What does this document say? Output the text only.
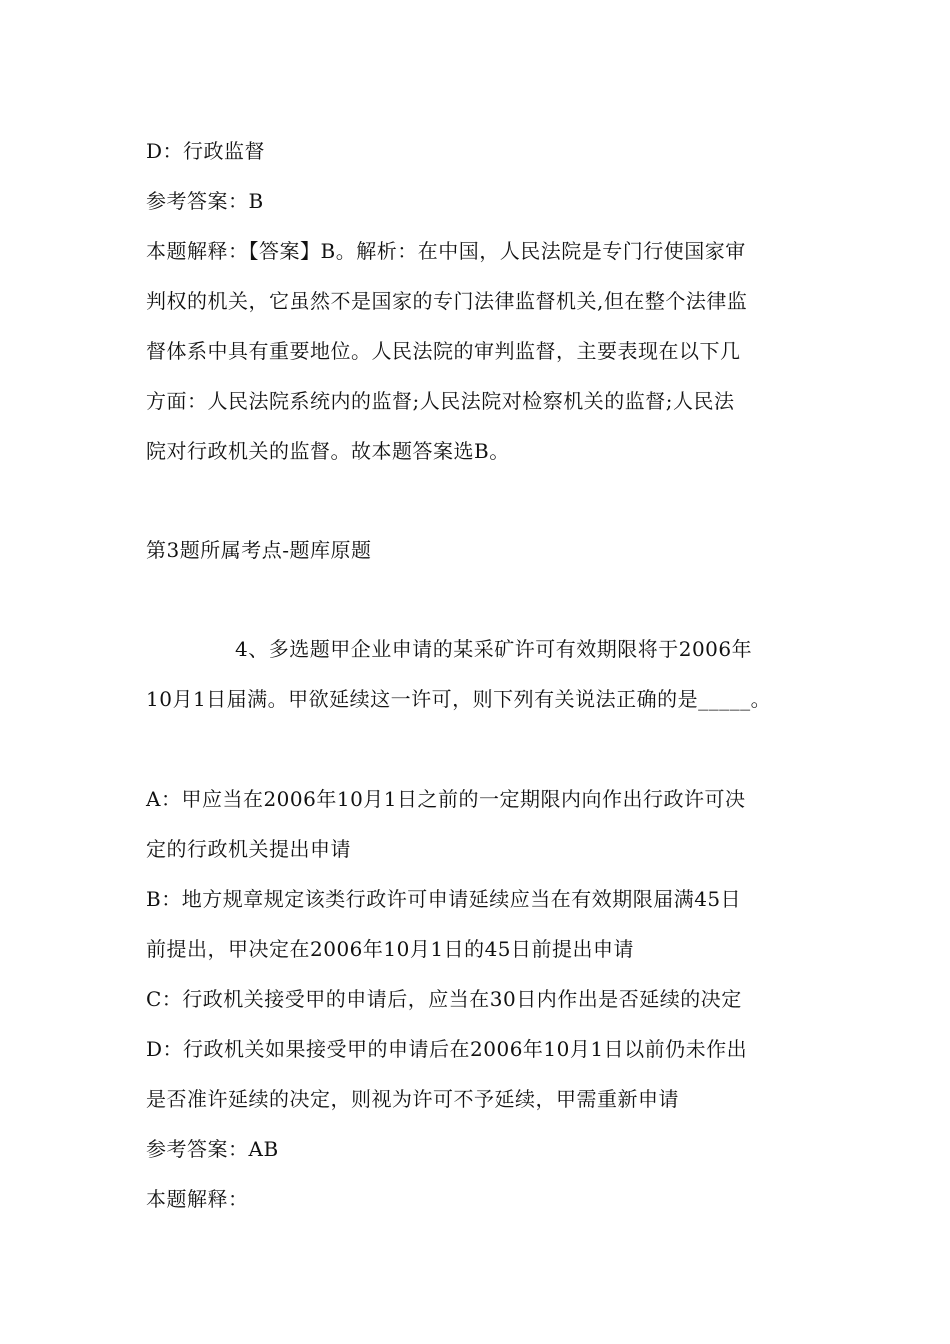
D：行政监督
参考答案：B
本题解释：【答案】B。解析：在中国，人民法院是专门行使国家审
判权的机关，它虽然不是国家的专门法律监督机关,但在整个法律监
督体系中具有重要地位。人民法院的审判监督，主要表现在以下几
方面：人民法院系统内的监督;人民法院对检察机关的监督;人民法
院对行政机关的监督。故本题答案选B。
第3题所属考点-题库原题
4、多选题甲企业申请的某采矿许可有效期限将于2006年
10月1日届满。甲欲延续这一许可，则下列有关说法正确的是_____。
A：甲应当在2006年10月1日之前的一定期限内向作出行政许可决
定的行政机关提出申请
B：地方规章规定该类行政许可申请延续应当在有效期限届满45日
前提出，甲决定在2006年10月1日的45日前提出申请
C：行政机关接受甲的申请后，应当在30日内作出是否延续的决定
D：行政机关如果接受甲的申请后在2006年10月1日以前仍未作出
是否准许延续的决定，则视为许可不予延续，甲需重新申请
参考答案：AB
本题解释：
